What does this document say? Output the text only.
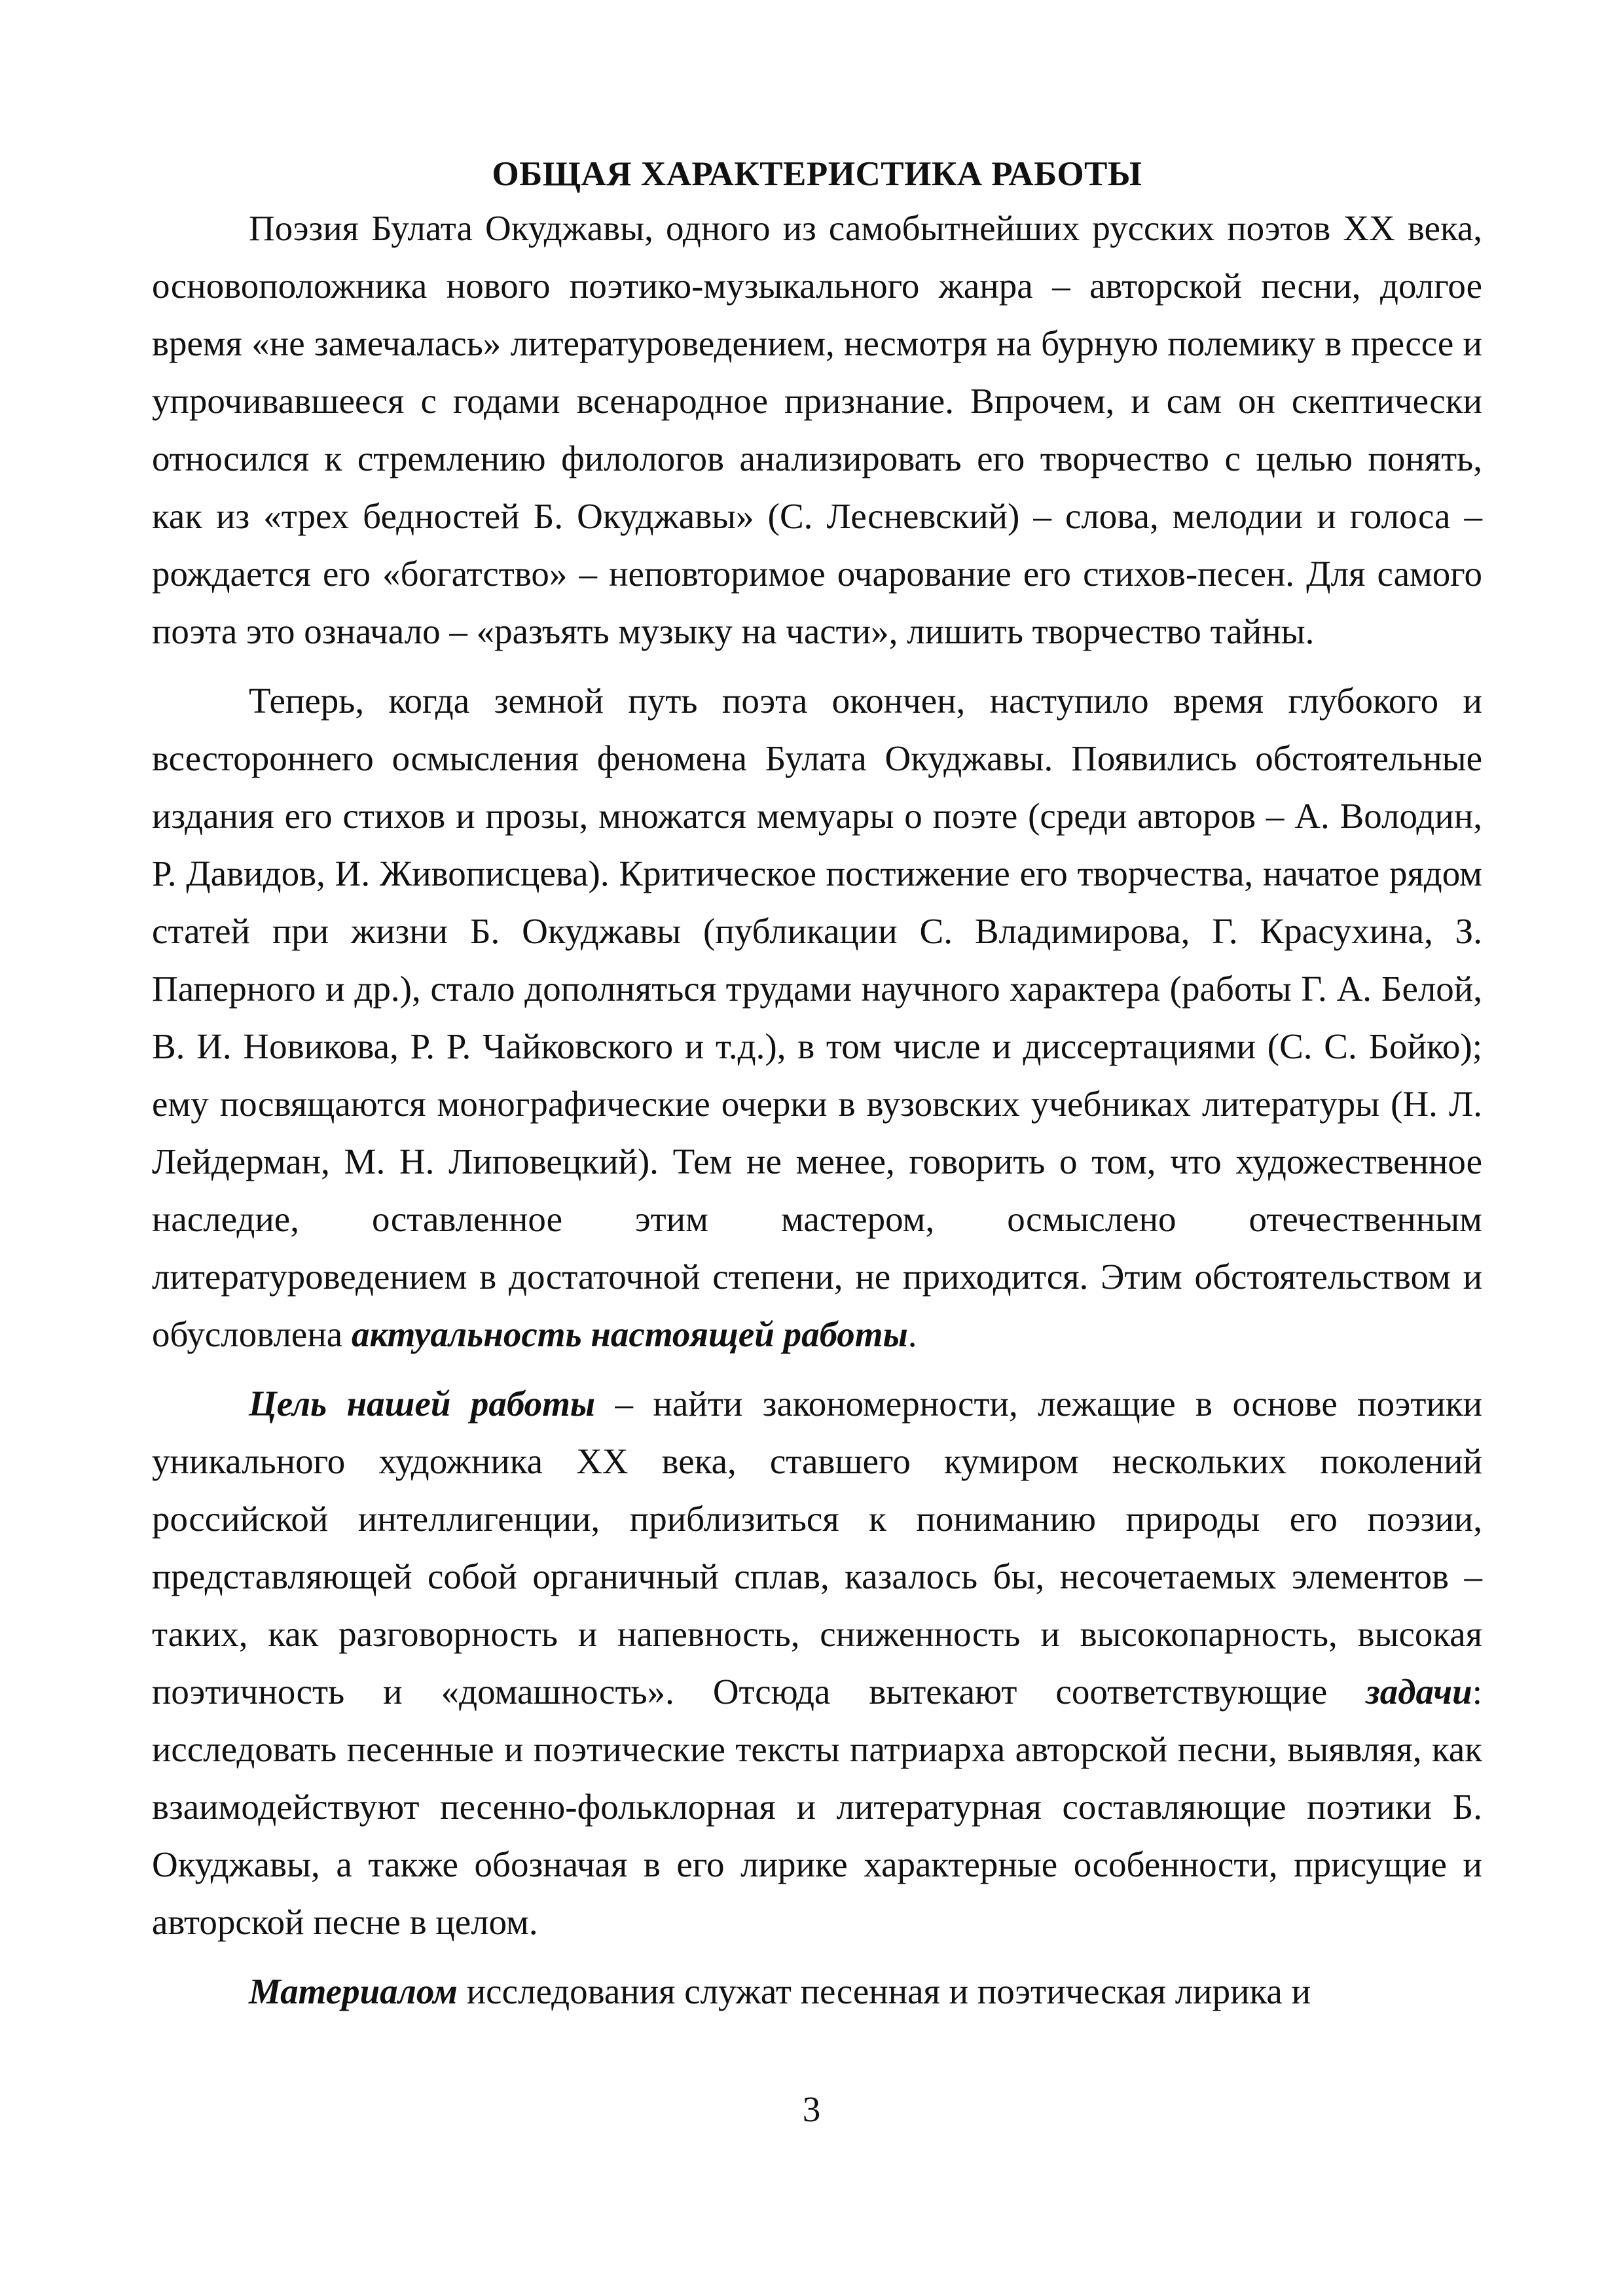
ОБЩАЯ ХАРАКТЕРИСТИКА РАБОТЫ

Поэзия Булата Окуджавы, одного из самобытнейших русских поэтов XX века, основоположника нового поэтико-музыкального жанра – авторской песни, долгое время «не замечалась» литературоведением, несмотря на бурную полемику в прессе и упрочивавшееся с годами всенародное признание. Впрочем, и сам он скептически относился к стремлению филологов анализировать его творчество с целью понять, как из «трех бедностей Б. Окуджавы» (С. Лесневский) – слова, мелодии и голоса – рождается его «богатство» – неповторимое очарование его стихов-песен. Для самого поэта это означало – «разъять музыку на части», лишить творчество тайны.

Теперь, когда земной путь поэта окончен, наступило время глубокого и всестороннего осмысления феномена Булата Окуджавы. Появились обстоятельные издания его стихов и прозы, множатся мемуары о поэте (среди авторов – А. Володин, Р. Давидов, И. Живописцева). Критическое постижение его творчества, начатое рядом статей при жизни Б. Окуджавы (публикации С. Владимирова, Г. Красухина, З. Паперного и др.), стало дополняться трудами научного характера (работы Г. А. Белой, В. И. Новикова, Р. Р. Чайковского и т.д.), в том числе и диссертациями (С. С. Бойко); ему посвящаются монографические очерки в вузовских учебниках литературы (Н. Л. Лейдерман, М. Н. Липовецкий). Тем не менее, говорить о том, что художественное наследие, оставленное этим мастером, осмыслено отечественным литературоведением в достаточной степени, не приходится. Этим обстоятельством и обусловлена актуальность настоящей работы.

Цель нашей работы – найти закономерности, лежащие в основе поэтики уникального художника XX века, ставшего кумиром нескольких поколений российской интеллигенции, приблизиться к пониманию природы его поэзии, представляющей собой органичный сплав, казалось бы, несочетаемых элементов – таких, как разговорность и напевность, сниженность и высокопарность, высокая поэтичность и «домашность». Отсюда вытекают соответствующие задачи: исследовать песенные и поэтические тексты патриарха авторской песни, выявляя, как взаимодействуют песенно-фольклорная и литературная составляющие поэтики Б. Окуджавы, а также обозначая в его лирике характерные особенности, присущие и авторской песне в целом.

Материалом исследования служат песенная и поэтическая лирика и

3
